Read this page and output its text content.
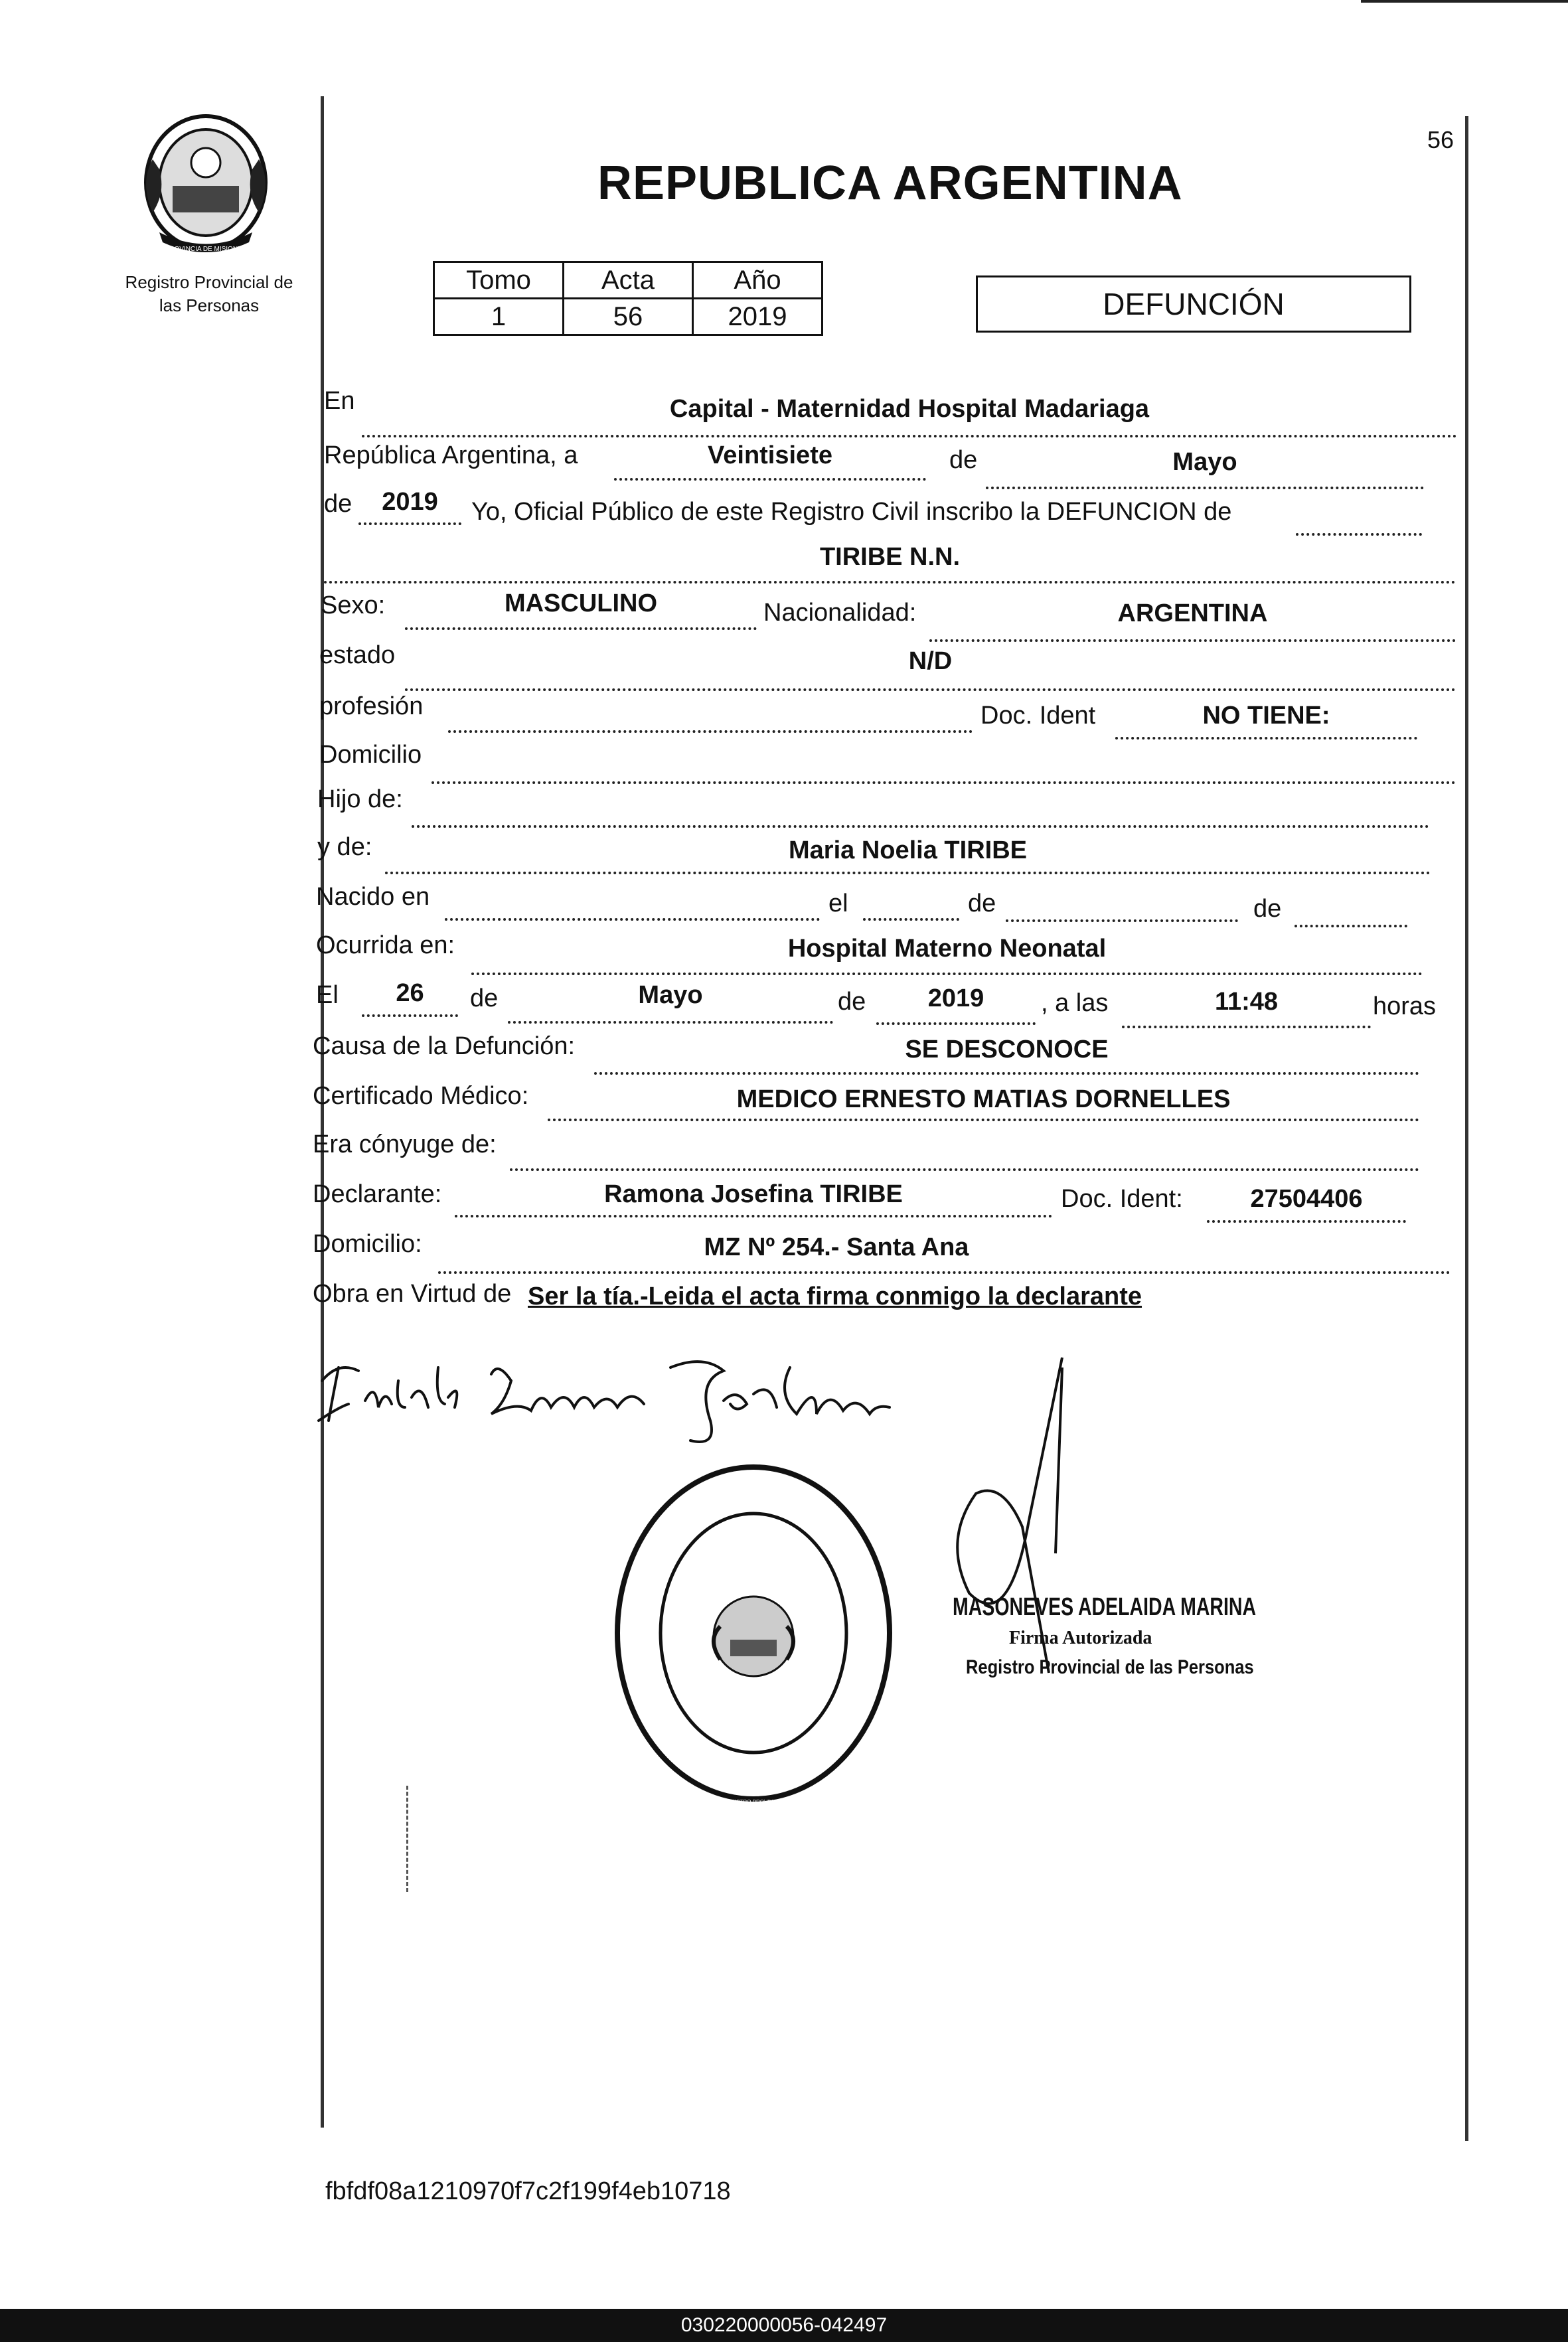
PROVINCIA DE MISIONES
Registro Provincial de
las Personas
56
REPUBLICA ARGENTINA
Tomo	Acta	Año
1	56	2019	DEFUNCIÓN
En	Capital - Maternidad Hospital Madariaga
República Argentina, a	Veintisiete	de	Mayo
de	2019	Yo, Oficial Público de este Registro Civil inscribo la DEFUNCION de
TIRIBE N.N.
Sexo:	MASCULINO	Nacionalidad:	ARGENTINA
estado	N/D
profesión	Doc. Ident	NO TIENE:
Domicilio
Hijo de:
y de:	Maria Noelia TIRIBE
Nacido en	el	de	de
Ocurrida en:	Hospital Materno Neonatal
El	26	de	Mayo	de	2019	, a las	11:48	horas
Causa de la Defunción:	SE DESCONOCE
Certificado Médico:	MEDICO ERNESTO MATIAS DORNELLES
Era cónyuge de:
Declarante:	Ramona Josefina TIRIBE	Doc. Ident:	27504406
Domicilio:	MZ Nº 254.- Santa Ana
Obra en Virtud de Ser la tía.-Leida el acta firma conmigo la declarante
DIRECC. GRAL. DEL REGISTRO PROVINCIAL DE LAS PERSONAS
MINISTERIO DE GOBIERNO
MASONEVES ADELAIDA MARINA
Firma Autorizada
Registro Provincial de las Personas
fbfdf08a1210970f7c2f199f4eb10718
030220000056-042497
